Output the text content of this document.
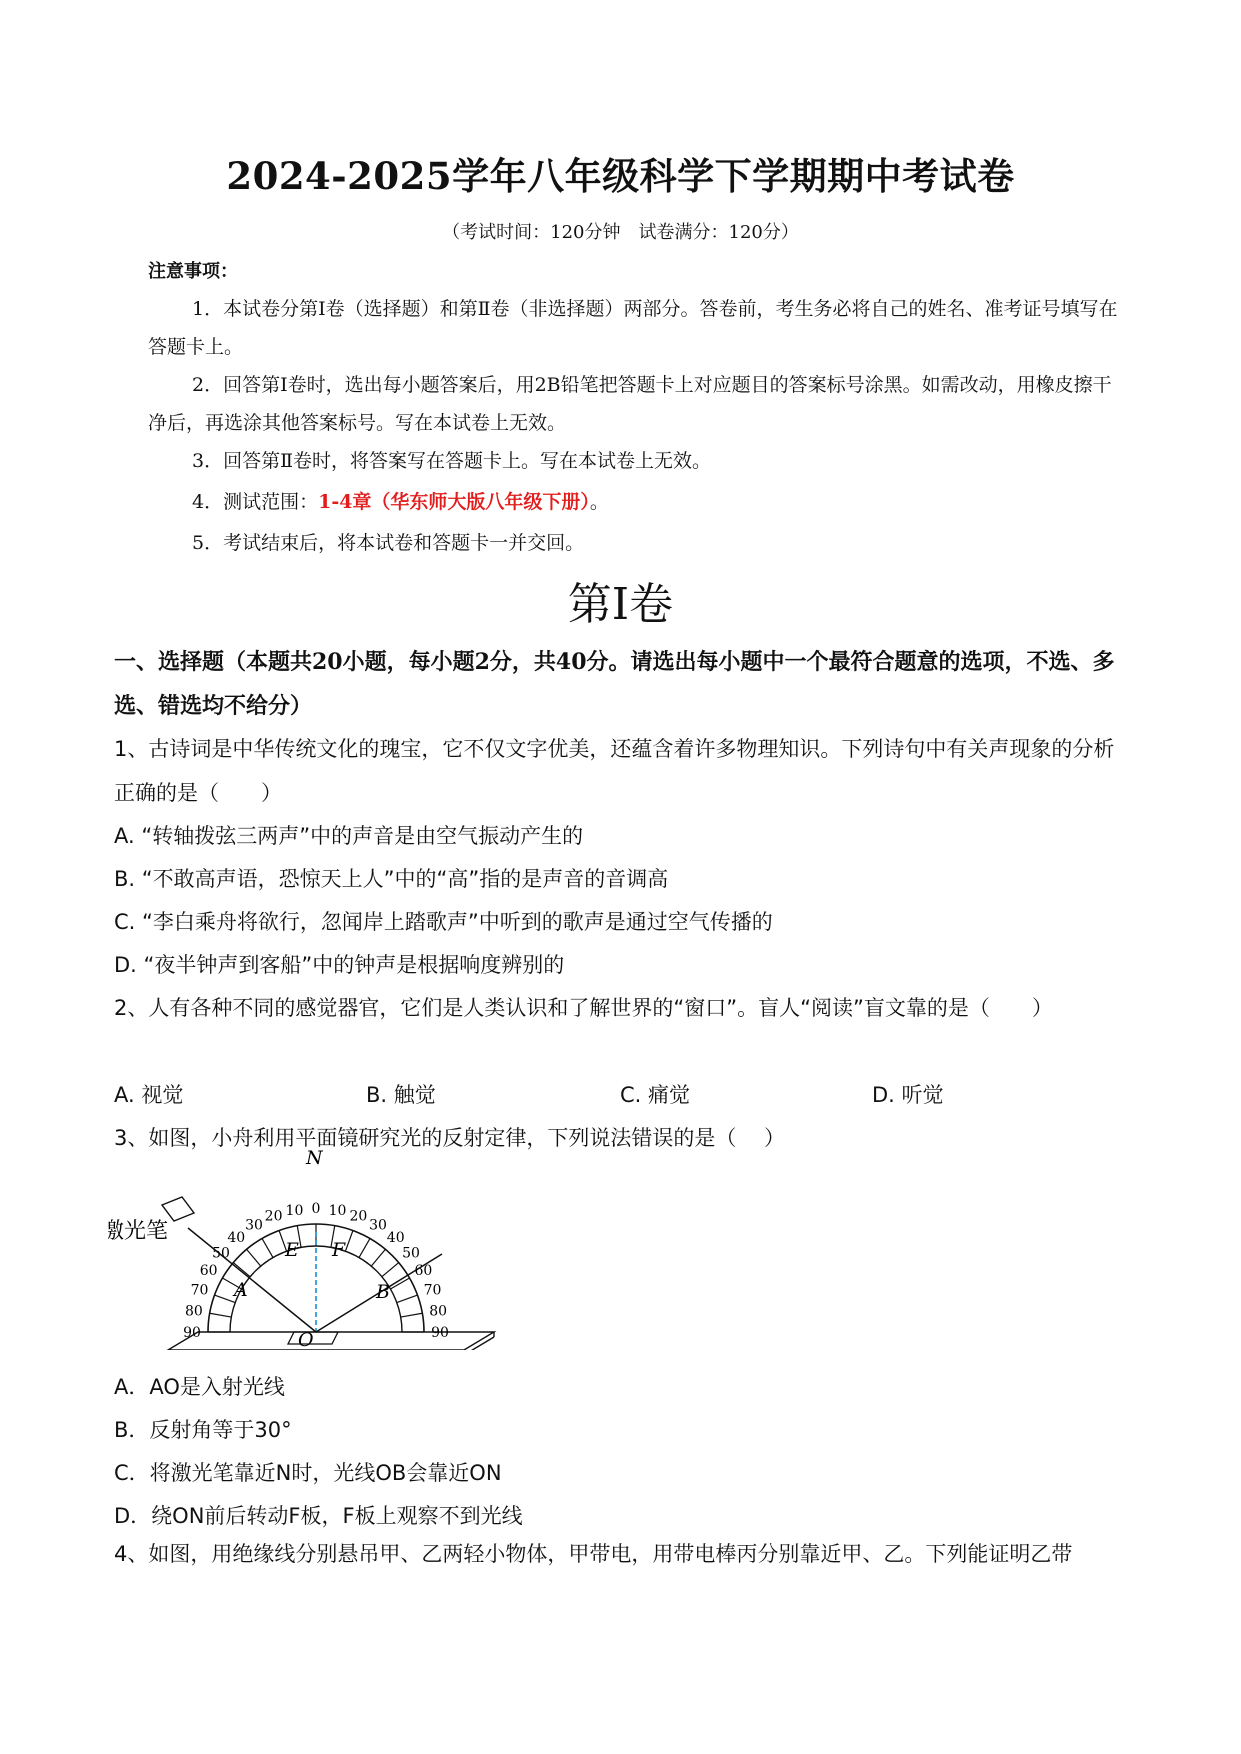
2024-2025学年八年级科学下学期期中考试卷
（考试时间：120分钟　试卷满分：120分）
注意事项：
1．本试卷分第Ⅰ卷（选择题）和第Ⅱ卷（非选择题）两部分。答卷前，考生务必将自己的姓名、准考证号填写在答题卡上。
2．回答第Ⅰ卷时，选出每小题答案后，用2B铅笔把答题卡上对应题目的答案标号涂黑。如需改动，用橡皮擦干净后，再选涂其他答案标号。写在本试卷上无效。
3．回答第Ⅱ卷时，将答案写在答题卡上。写在本试卷上无效。
4．测试范围：1-4章（华东师大版八年级下册）。
5．考试结束后，将本试卷和答题卡一并交回。
第Ⅰ卷
一、选择题（本题共20小题，每小题2分，共40分。请选出每小题中一个最符合题意的选项，不选、多选、错选均不给分）
1、古诗词是中华传统文化的瑰宝，它不仅文字优美，还蕴含着许多物理知识。下列诗句中有关声现象的分析正确的是（　　）
A. “转轴拨弦三两声”中的声音是由空气振动产生的
B. “不敢高声语，恐惊天上人”中的“高”指的是声音的音调高
C. “李白乘舟将欲行，忽闻岸上踏歌声”中听到的歌声是通过空气传播的
D. “夜半钟声到客船”中的钟声是根据响度辨别的
2、人有各种不同的感觉器官，它们是人类认识和了解世界的“窗口”。盲人“阅读”盲文靠的是（　　）
A. 视觉	B. 触觉	C. 痛觉	D. 听觉
3、如图，小舟利用平面镜研究光的反射定律，下列说法错误的是（　 ）
激光笔
N
E F
A	B
O
0
10
20
30
40
50
60
70
80
90
10 20
30
40
50
60
70
80
90
A．AO是入射光线
B．反射角等于30°
C．将激光笔靠近N时，光线OB会靠近ON
D．绕ON前后转动F板，F板上观察不到光线
4、如图，用绝缘线分别悬吊甲、乙两轻小物体，甲带电，用带电棒丙分别靠近甲、乙。下列能证明乙带
